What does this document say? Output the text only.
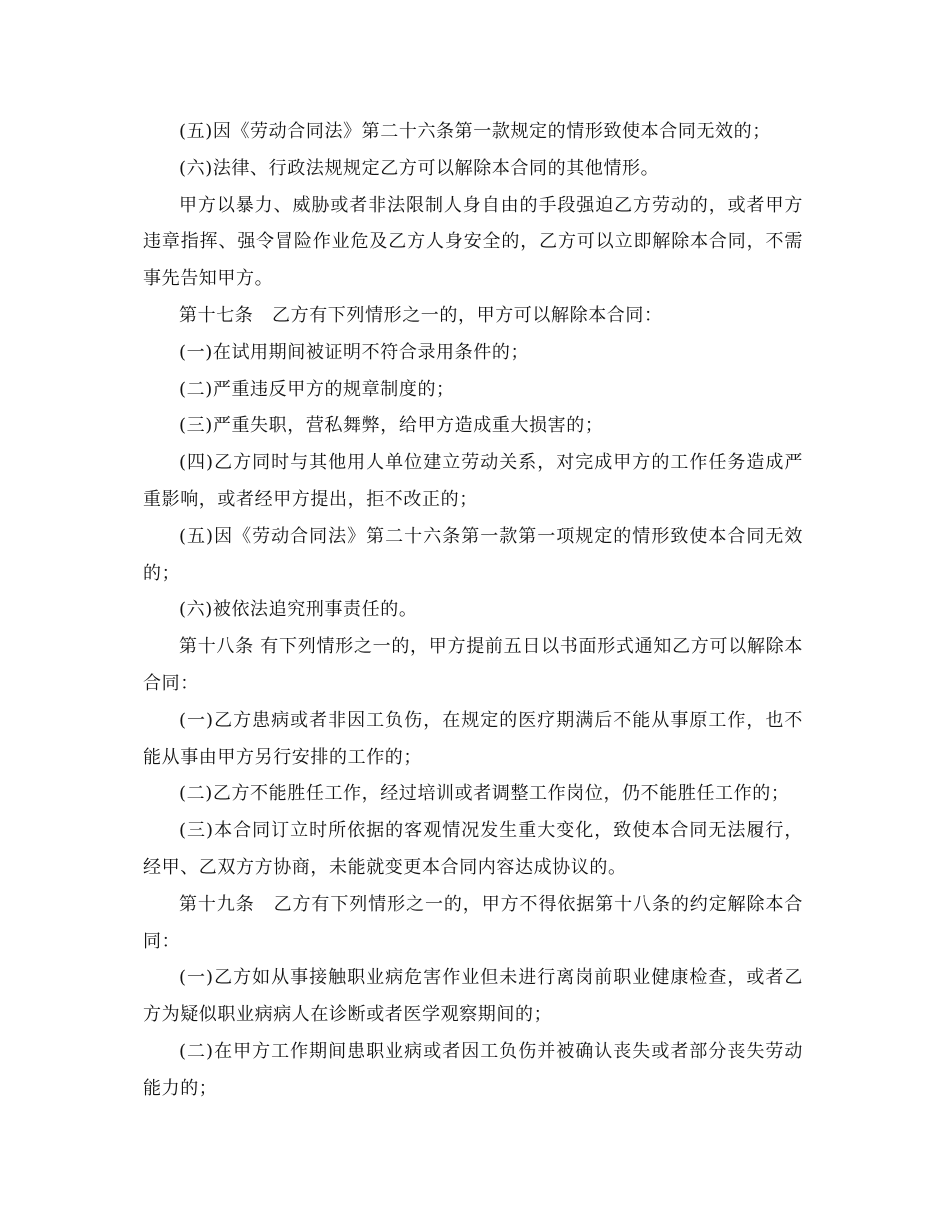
(五)因《劳动合同法》第二十六条第一款规定的情形致使本合同无效的；

(六)法律、行政法规规定乙方可以解除本合同的其他情形。

甲方以暴力、威胁或者非法限制人身自由的手段强迫乙方劳动的，或者甲方违章指挥、强令冒险作业危及乙方人身安全的，乙方可以立即解除本合同，不需事先告知甲方。

第十七条　乙方有下列情形之一的，甲方可以解除本合同：

(一)在试用期间被证明不符合录用条件的；

(二)严重违反甲方的规章制度的；

(三)严重失职，营私舞弊，给甲方造成重大损害的；

(四)乙方同时与其他用人单位建立劳动关系，对完成甲方的工作任务造成严重影响，或者经甲方提出，拒不改正的；

(五)因《劳动合同法》第二十六条第一款第一项规定的情形致使本合同无效的；

(六)被依法追究刑事责任的。

第十八条 有下列情形之一的，甲方提前五日以书面形式通知乙方可以解除本合同：

(一)乙方患病或者非因工负伤，在规定的医疗期满后不能从事原工作，也不能从事由甲方另行安排的工作的；

(二)乙方不能胜任工作，经过培训或者调整工作岗位，仍不能胜任工作的；

(三)本合同订立时所依据的客观情况发生重大变化，致使本合同无法履行，经甲、乙双方方协商，未能就变更本合同内容达成协议的。

第十九条　乙方有下列情形之一的，甲方不得依据第十八条的约定解除本合同：

(一)乙方如从事接触职业病危害作业但未进行离岗前职业健康检查，或者乙方为疑似职业病病人在诊断或者医学观察期间的；

(二)在甲方工作期间患职业病或者因工负伤并被确认丧失或者部分丧失劳动能力的；
